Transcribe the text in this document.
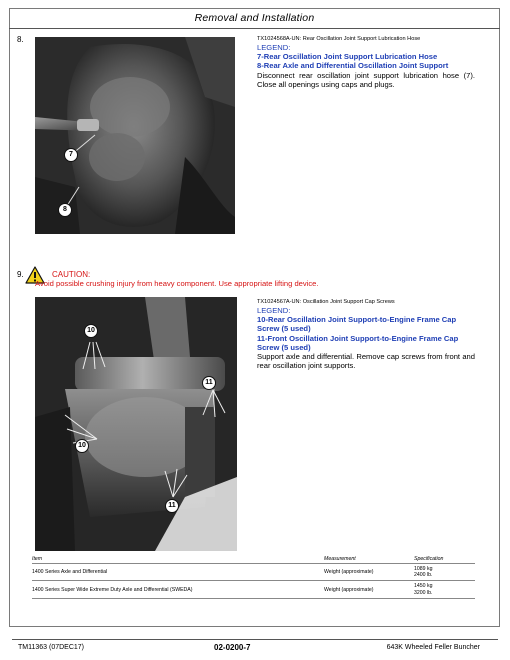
Removal and Installation
8.
7
8
TX1024568A-UN: Rear Oscillation Joint Support Lubrication Hose
LEGEND:
7-Rear Oscillation Joint Support Lubrication Hose
8-Rear Axle and Differential Oscillation Joint Support
Disconnect rear oscillation joint support lubrication hose (7). Close all openings using caps and plugs.
9.	CAUTION:
Avoid possible crushing injury from heavy component. Use appropriate lifting device.
10
10
11
11
TX1024567A-UN: Oscillation Joint Support Cap Screws
LEGEND:
10-Rear Oscillation Joint Support-to-Engine Frame Cap Screw (5 used)
11-Front Oscillation Joint Support-to-Engine Frame Cap Screw (5 used)
Support axle and differential. Remove cap screws from front and rear oscillation joint supports.
Item	Measurement	Specification
1400 Series Axle and Differential	Weight (approximate)	1089 kg
2400 lb.

1400 Series Super Wide Extreme Duty Axle and Differential (SWEDA)	Weight (approximate)	1450 kg
3200 lb.
TM11363 (07DEC17)	02-0200-7	643K Wheeled Feller Buncher
